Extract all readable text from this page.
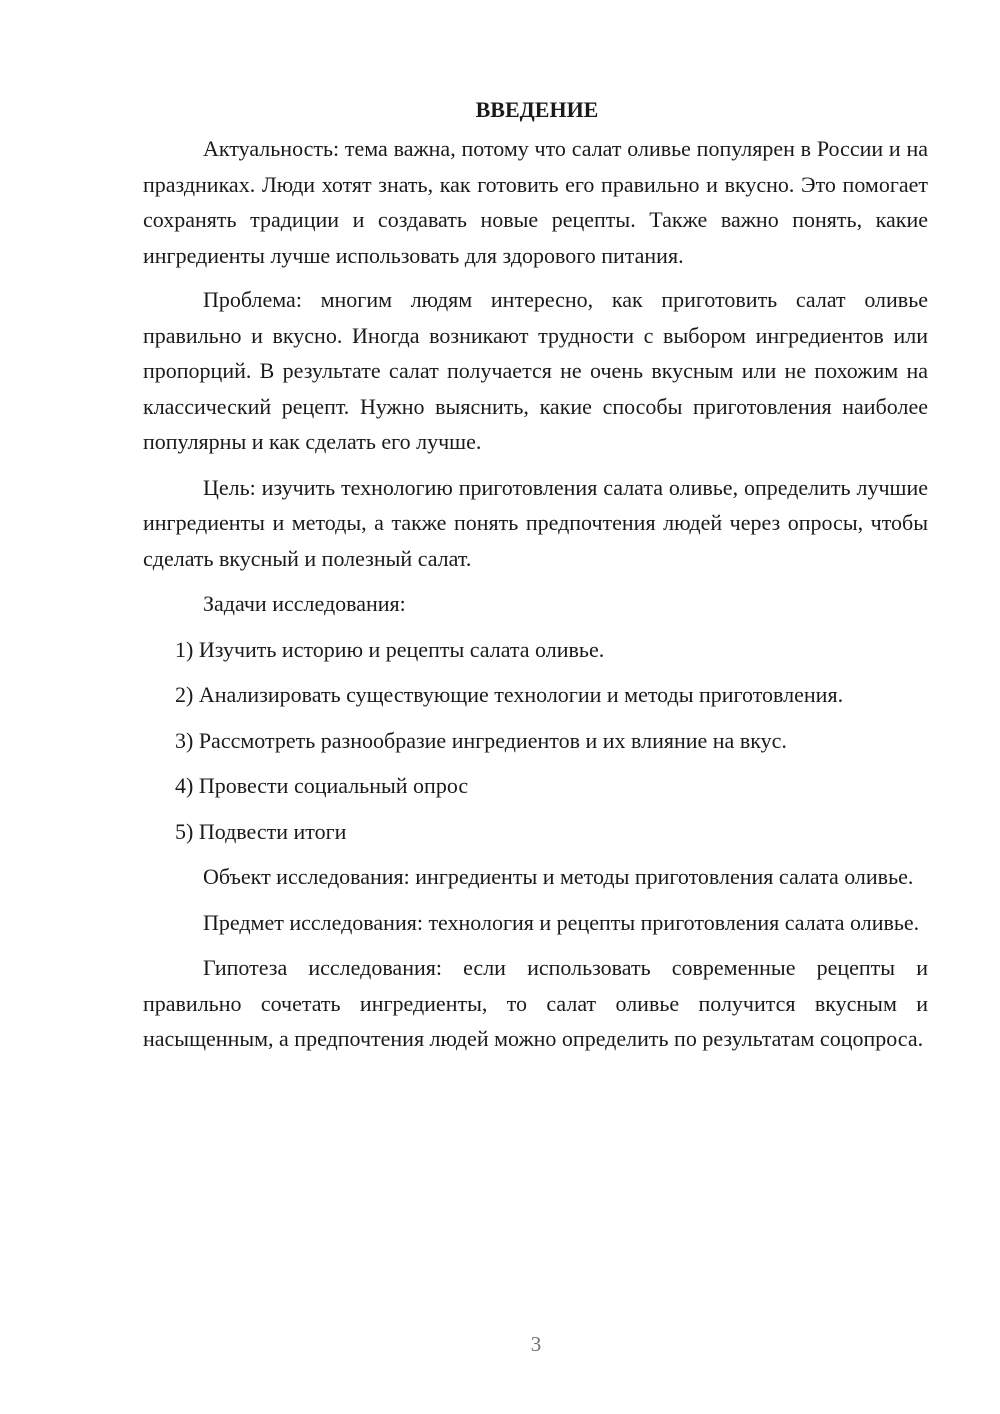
ВВЕДЕНИЕ

Актуальность: тема важна, потому что салат оливье популярен в России и на праздниках. Люди хотят знать, как готовить его правильно и вкусно. Это помогает сохранять традиции и создавать новые рецепты. Также важно понять, какие ингредиенты лучше использовать для здорового питания.

Проблема: многим людям интересно, как приготовить салат оливье правильно и вкусно. Иногда возникают трудности с выбором ингредиентов или пропорций. В результате салат получается не очень вкусным или не похожим на классический рецепт. Нужно выяснить, какие способы приготовления наиболее популярны и как сделать его лучше.

Цель: изучить технологию приготовления салата оливье, определить лучшие ингредиенты и методы, а также понять предпочтения людей через опросы, чтобы сделать вкусный и полезный салат.

Задачи исследования:

1) Изучить историю и рецепты салата оливье.

2) Анализировать существующие технологии и методы приготовления.

3) Рассмотреть разнообразие ингредиентов и их влияние на вкус.

4) Провести социальный опрос

5) Подвести итоги

Объект исследования: ингредиенты и методы приготовления салата оливье.

Предмет исследования: технология и рецепты приготовления салата оливье.

Гипотеза исследования: если использовать современные рецепты и правильно сочетать ингредиенты, то салат оливье получится вкусным и насыщенным, а предпочтения людей можно определить по результатам соцопроса.

3
